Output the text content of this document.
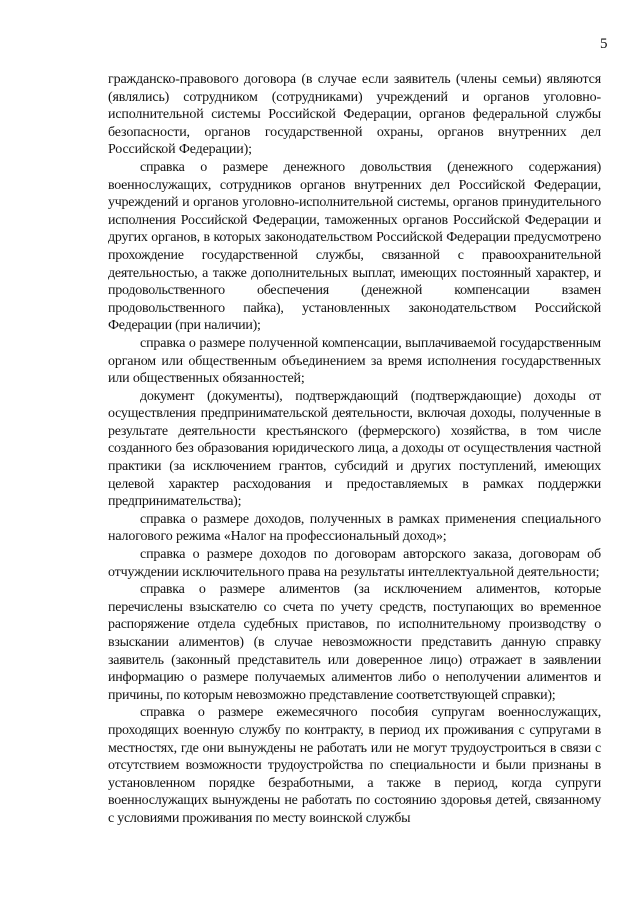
5

гражданско-правового договора (в случае если заявитель (члены семьи) являются (являлись) сотрудником (сотрудниками) учреждений и органов уголовно-исполнительной системы Российской Федерации, органов федеральной службы безопасности, органов государственной охраны, органов внутренних дел Российской Федерации);

справка о размере денежного довольствия (денежного содержания) военнослужащих, сотрудников органов внутренних дел Российской Федерации, учреждений и органов уголовно-исполнительной системы, органов принудительного исполнения Российской Федерации, таможенных органов Российской Федерации и других органов, в которых законодательством Российской Федерации предусмотрено прохождение государственной службы, связанной с правоохранительной деятельностью, а также дополнительных выплат, имеющих постоянный характер, и продовольственного обеспечения (денежной компенсации взамен продовольственного пайка), установленных законодательством Российской Федерации (при наличии);

справка о размере полученной компенсации, выплачиваемой государственным органом или общественным объединением за время исполнения государственных или общественных обязанностей;

документ (документы), подтверждающий (подтверждающие) доходы от осуществления предпринимательской деятельности, включая доходы, полученные в результате деятельности крестьянского (фермерского) хозяйства, в том числе созданного без образования юридического лица, а доходы от осуществления частной практики (за исключением грантов, субсидий и других поступлений, имеющих целевой характер расходования и предоставляемых в рамках поддержки предпринимательства);

справка о размере доходов, полученных в рамках применения специального налогового режима «Налог на профессиональный доход»;

справка о размере доходов по договорам авторского заказа, договорам об отчуждении исключительного права на результаты интеллектуальной деятельности;

справка о размере алиментов (за исключением алиментов, которые перечислены взыскателю со счета по учету средств, поступающих во временное распоряжение отдела судебных приставов, по исполнительному производству о взыскании алиментов) (в случае невозможности представить данную справку заявитель (законный представитель или доверенное лицо) отражает в заявлении информацию о размере получаемых алиментов либо о неполучении алиментов и причины, по которым невозможно представление соответствующей справки);

справка о размере ежемесячного пособия супругам военнослужащих, проходящих военную службу по контракту, в период их проживания с супругами в местностях, где они вынуждены не работать или не могут трудоустроиться в связи с отсутствием возможности трудоустройства по специальности и были признаны в установленном порядке безработными, а также в период, когда супруги военнослужащих вынуждены не работать по состоянию здоровья детей, связанному с условиями проживания по месту воинской службы
